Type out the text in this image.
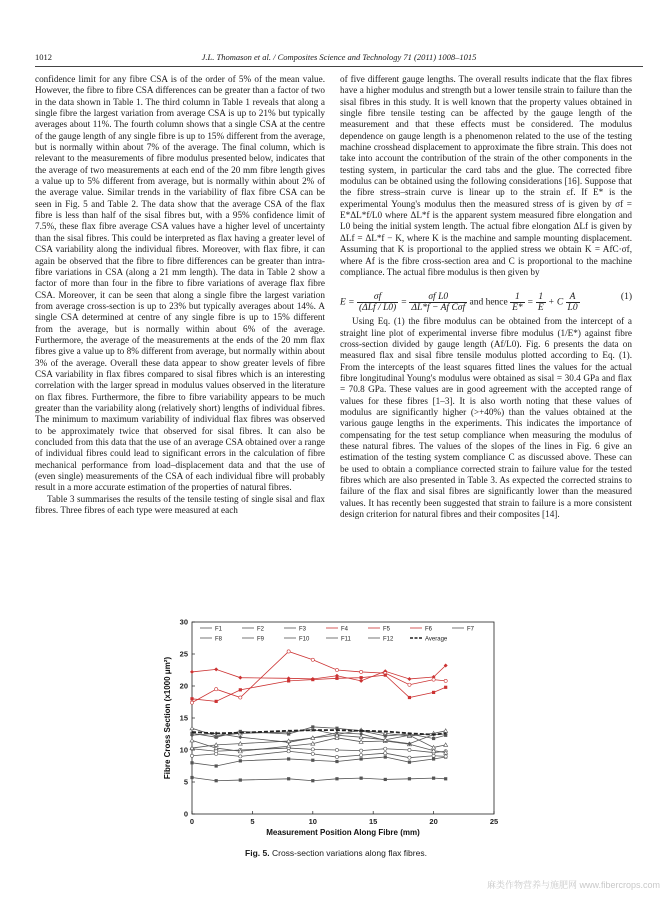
1012	J.L. Thomason et al. / Composites Science and Technology 71 (2011) 1008–1015

confidence limit for any fibre CSA is of the order of 5% of the mean value. However, the fibre to fibre CSA differences can be greater than a factor of two in the data shown in Table 1. The third column in Table 1 reveals that along a single fibre the largest variation from average CSA is up to 21% but typically averages about 11%. The fourth column shows that a single CSA at the centre of the gauge length of any single fibre is up to 15% different from the average, but is normally within about 7% of the average. The final column, which is relevant to the measurements of fibre modulus presented below, indicates that the average of two measurements at each end of the 20 mm fibre length gives a value up to 5% different from average, but is normally within about 2% of the average value. Similar trends in the variability of flax fibre CSA can be seen in Fig. 5 and Table 2. The data show that the average CSA of the flax fibre is less than half of the sisal fibres but, with a 95% confidence limit of 7.5%, these flax fibre average CSA values have a higher level of uncertainty than the sisal fibres. This could be interpreted as flax having a greater level of CSA variability along the individual fibres. Moreover, with flax fibre, it can again be observed that the fibre to fibre differences can be greater than intra-fibre variations in CSA (along a 21 mm length). The data in Table 2 show a factor of more than four in the fibre to fibre variations of average flax fibre CSA. Moreover, it can be seen that along a single fibre the largest variation from average cross-section is up to 23% but typically averages about 14%. A single CSA determined at centre of any single fibre is up to 15% different from the average, but is normally within about 6% of the average. Furthermore, the average of the measurements at the ends of the 20 mm flax fibres give a value up to 8% different from average, but normally within about 3% of the average. Overall these data appear to show greater levels of fibre CSA variability in flax fibres compared to sisal fibres which is an interesting correlation with the larger spread in modulus values observed in the literature on flax fibres. Furthermore, the fibre to fibre variability appears to be much greater than the variability along (relatively short) lengths of individual fibres. The minimum to maximum variability of individual flax fibres was observed to be approximately twice that observed for sisal fibres. It can also be concluded from this data that the use of an average CSA obtained over a range of individual fibres could lead to significant errors in the calculation of fibre mechanical performance from load–displacement data and that the use of (even single) measurements of the CSA of each individual fibre will probably result in a more accurate estimation of the properties of natural fibres.

Table 3 summarises the results of the tensile testing of single sisal and flax fibres. Three fibres of each type were measured at each

of five different gauge lengths. The overall results indicate that the flax fibres have a higher modulus and strength but a lower tensile strain to failure than the sisal fibres in this study. It is well known that the property values obtained in single fibre tensile testing can be affected by the gauge length of the measurement and that these effects must be considered. The modulus dependence on gauge length is a phenomenon related to the use of the testing machine crosshead displacement to approximate the fibre strain. This does not take into account the contribution of the strain of the other components in the testing system, in particular the card tabs and the glue. The corrected fibre modulus can be obtained using the following considerations [16]. Suppose that the fibre stress–strain curve is linear up to the strain εf. If E* is the experimental Young's modulus then the measured stress σf is given by σf = E*ΔL*f/L0 where ΔL*f is the apparent system measured fibre elongation and L0 being the initial system length. The actual fibre elongation ΔLf is given by ΔLf = ΔL*f − K, where K is the machine and sample mounting displacement. Assuming that K is proportional to the applied stress we obtain K = AfC·σf, where Af is the fibre cross-section area and C is proportional to the machine compliance. The actual fibre modulus is then given by

Using Eq. (1) the fibre modulus can be obtained from the intercept of a straight line plot of experimental inverse fibre modulus (1/E*) against fibre cross-section divided by gauge length (Af/L0). Fig. 6 presents the data on measured flax and sisal fibre tensile modulus plotted according to Eq. (1). From the intercepts of the least squares fitted lines the values for the actual fibre longitudinal Young's modulus were obtained as sisal = 30.4 GPa and flax = 70.8 GPa. These values are in good agreement with the accepted range of values for these fibres [1–3]. It is also worth noting that these values of modulus are significantly higher (>+40%) than the values obtained at the various gauge lengths in the experiments. This indicates the importance of compensating for the test setup compliance when measuring the modulus of these natural fibres. The values of the slopes of the lines in Fig. 6 give an estimation of the testing system compliance C as discussed above. These can be used to obtain a compliance corrected strain to failure value for the tested fibres which are also presented in Table 3. As expected the corrected strains to failure of the flax and sisal fibres are significantly lower than the measured values. It has recently been suggested that strain to failure is a more consistent design criterion for natural fibres and their composites [14].

$E = \frac{\sigma f}{\text{(ΔLf / L0)}} = \frac{\text{σf L0}}{\text{ΔL*f − Af Cσf}}$ and hence $\frac{1}{E*} = \frac{1}{E} + C \frac{A}{L0}$	(1)
0	5	10	15	20	25
0
5
10
15
20
25
30
Measurement Position Along Fibre (mm)
Fibre Cross Section (x1000 μm²)
F1	F2	F3	F4	F5	F6	F7
F8	F9	F10	F11	F12	Average
Fig. 5. Cross-section variations along flax fibres.
麻类作物营养与施肥网 www.fibercrops.com
